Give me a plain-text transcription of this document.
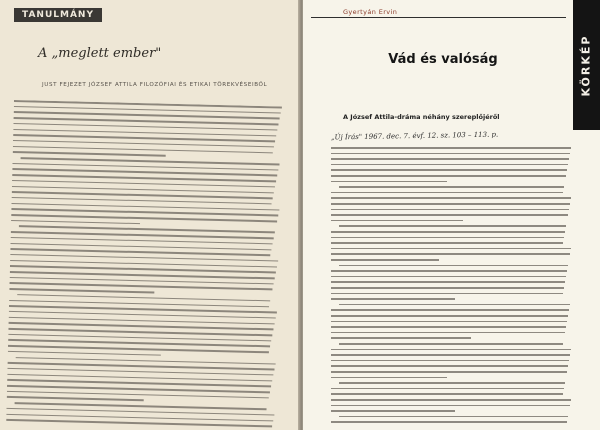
TANULMÁNY
A „meglett ember"
JUST FEJEZET JÓZSEF ATTILA FILOZÓFIAI ÉS ETIKAI TÖREKVÉSEIBŐL
Gyertyán Ervin
KÖRKÉP
Vád és valóság
A József Attila-dráma néhány szereplőjéről
„Új Írás" 1967. dec. 7. évf. 12. sz. 103 – 113. p.
